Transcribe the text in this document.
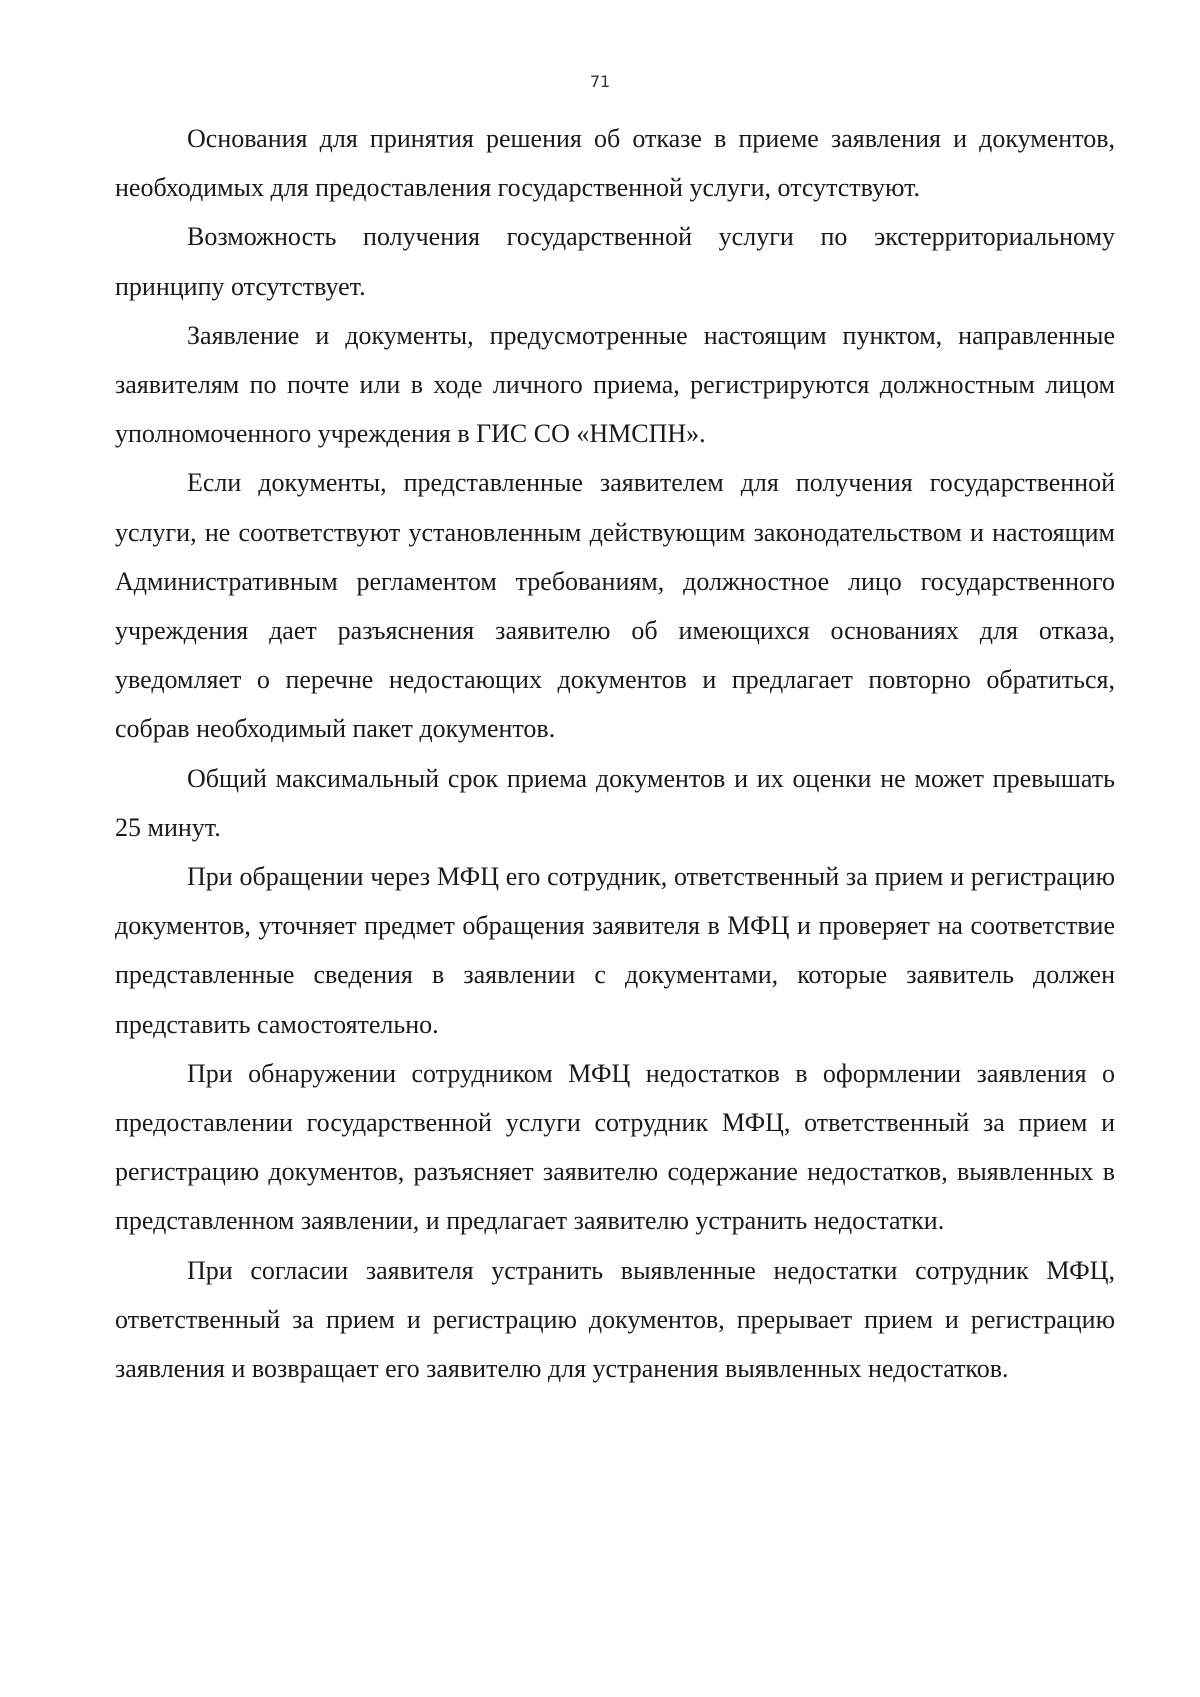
71

Основания для принятия решения об отказе в приеме заявления и документов, необходимых для предоставления государственной услуги, отсутствуют.

Возможность получения государственной услуги по экстерриториальному принципу отсутствует.

Заявление и документы, предусмотренные настоящим пунктом, направленные заявителям по почте или в ходе личного приема, регистрируются должностным лицом уполномоченного учреждения в ГИС СО «НМСПН».

Если документы, представленные заявителем для получения государственной услуги, не соответствуют установленным действующим законодательством и настоящим Административным регламентом требованиям, должностное лицо государственного учреждения дает разъяснения заявителю об имеющихся основаниях для отказа, уведомляет о перечне недостающих документов и предлагает повторно обратиться, собрав необходимый пакет документов.

Общий максимальный срок приема документов и их оценки не может превышать 25 минут.

При обращении через МФЦ его сотрудник, ответственный за прием и регистрацию документов, уточняет предмет обращения заявителя в МФЦ и проверяет на соответствие представленные сведения в заявлении с документами, которые заявитель должен представить самостоятельно.

При обнаружении сотрудником МФЦ недостатков в оформлении заявления о предоставлении государственной услуги сотрудник МФЦ, ответственный за прием и регистрацию документов, разъясняет заявителю содержание недостатков, выявленных в представленном заявлении, и предлагает заявителю устранить недостатки.

При согласии заявителя устранить выявленные недостатки сотрудник МФЦ, ответственный за прием и регистрацию документов, прерывает прием и регистрацию заявления и возвращает его заявителю для устранения выявленных недостатков.
